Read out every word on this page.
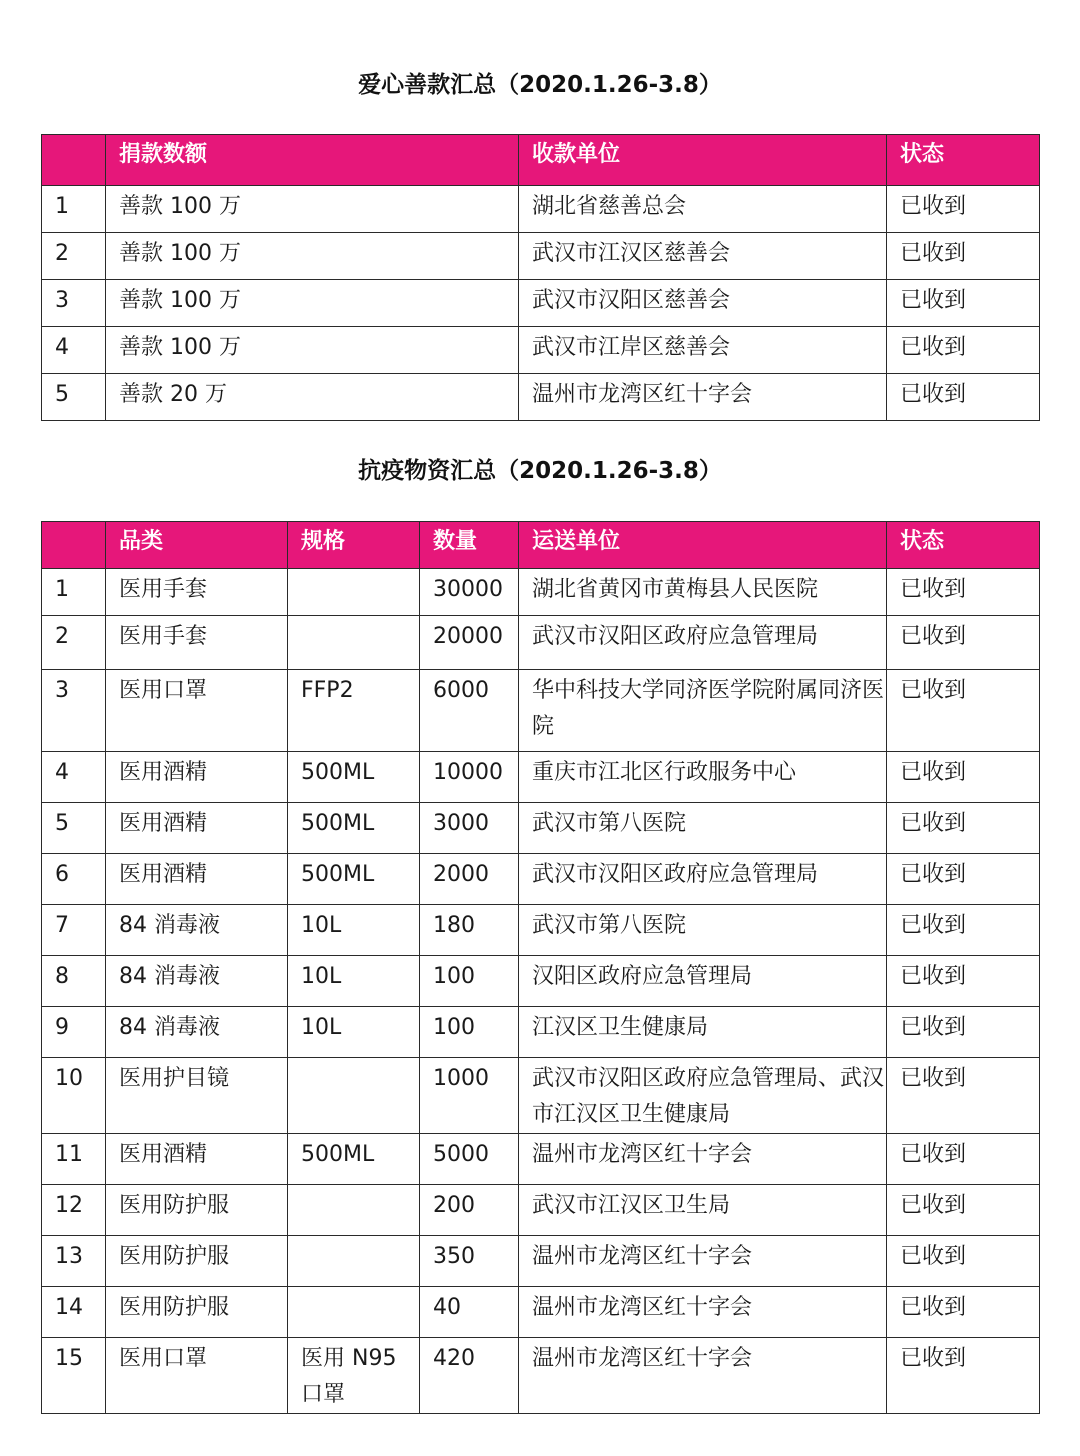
爱心善款汇总（2020.1.26-3.8）
	捐款数额	收款单位	状态
1	善款 100 万	湖北省慈善总会	已收到
2	善款 100 万	武汉市江汉区慈善会	已收到
3	善款 100 万	武汉市汉阳区慈善会	已收到
4	善款 100 万	武汉市江岸区慈善会	已收到
5	善款 20 万	温州市龙湾区红十字会	已收到
抗疫物资汇总（2020.1.26-3.8）
	品类	规格	数量	运送单位	状态
1	医用手套		30000	湖北省黄冈市黄梅县人民医院	已收到
2	医用手套		20000	武汉市汉阳区政府应急管理局	已收到
3	医用口罩	FFP2	6000	华中科技大学同济医学院附属同济医院	已收到
4	医用酒精	500ML	10000	重庆市江北区行政服务中心	已收到
5	医用酒精	500ML	3000	武汉市第八医院	已收到
6	医用酒精	500ML	2000	武汉市汉阳区政府应急管理局	已收到
7	84 消毒液	10L	180	武汉市第八医院	已收到
8	84 消毒液	10L	100	汉阳区政府应急管理局	已收到
9	84 消毒液	10L	100	江汉区卫生健康局	已收到
10	医用护目镜		1000	武汉市汉阳区政府应急管理局、武汉市江汉区卫生健康局	已收到
11	医用酒精	500ML	5000	温州市龙湾区红十字会	已收到
12	医用防护服		200	武汉市江汉区卫生局	已收到
13	医用防护服		350	温州市龙湾区红十字会	已收到
14	医用防护服		40	温州市龙湾区红十字会	已收到
15	医用口罩	医用 N95 口罩	420	温州市龙湾区红十字会	已收到
